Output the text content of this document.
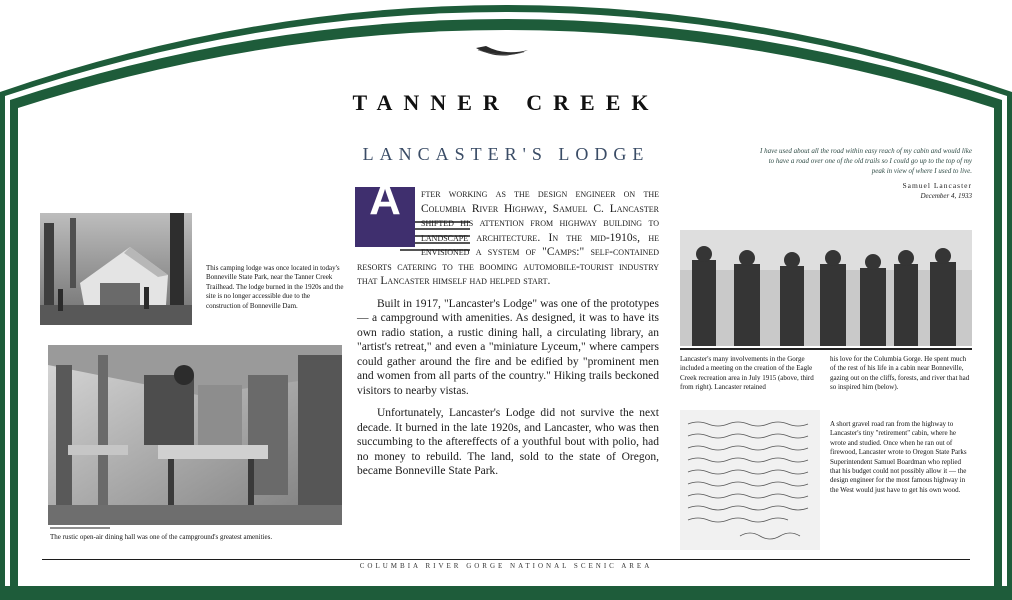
TANNER CREEK
LANCASTER'S LODGE	I have used about all the road within easy reach of my cabin and would like to have a road over one of the old trails so I could go up to the top of my peak in view of where I used to live.
Samuel Lancaster
December 4, 1933
This camping lodge was once located in today's Bonneville State Park, near the Tanner Creek Trailhead. The lodge burned in the 1920s and the site is no longer accessible due to the construction of Bonneville Dam.
The rustic open-air dining hall was one of the campground's greatest amenities.

A	fter working as the design engineer on the Columbia River Highway, Samuel C. Lancaster shifted his attention from highway building to landscape architecture. In the mid-1910s, he envisioned a system of "Camps:" self-contained resorts catering to the booming automobile-tourist industry that Lancaster himself had helped start.

Built in 1917, "Lancaster's Lodge" was one of the prototypes — a campground with amenities. As designed, it was to have its own radio station, a rustic dining hall, a circulating library, an "artist's retreat," and even a "miniature Lyceum," where campers could gather around the fire and be edified by "prominent men and women from all parts of the country." Hiking trails beckoned visitors to nearby vistas.

Unfortunately, Lancaster's Lodge did not survive the next decade. It burned in the late 1920s, and Lancaster, who was then succumbing to the aftereffects of a youthful bout with polio, had no money to rebuild. The land, sold to the state of Oregon, became Bonneville State Park.

Lancaster's many involvements in the Gorge included a meeting on the creation of the Eagle Creek recreation area in July 1915 (above, third from right). Lancaster retained
his love for the Columbia Gorge. He spent much of the rest of his life in a cabin near Bonneville, gazing out on the cliffs, forests, and river that had so inspired him (below).
A short gravel road ran from the highway to Lancaster's tiny "retirement" cabin, where he wrote and studied. Once when he ran out of firewood, Lancaster wrote to Oregon State Parks Superintendent Samuel Boardman who replied that his budget could not possibly allow it — the design engineer for the most famous highway in the West would just have to get his own wood.
COLUMBIA RIVER GORGE NATIONAL SCENIC AREA
